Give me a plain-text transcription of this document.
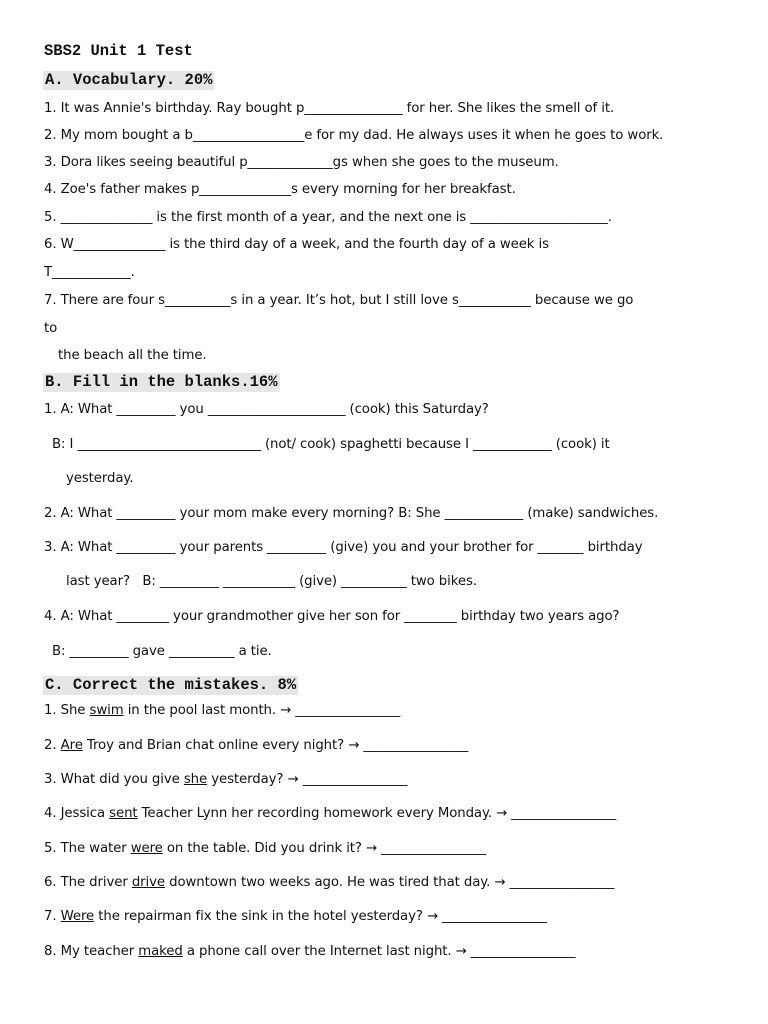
SBS2 Unit 1 Test
A. Vocabulary. 20%
1. It was Annie's birthday. Ray bought p_______________ for her. She likes the smell of it.
2. My mom bought a b_________________e for my dad. He always uses it when he goes to work.
3. Dora likes seeing beautiful p_____________gs when she goes to the museum.
4. Zoe's father makes p______________s every morning for her breakfast.
5. ______________ is the first month of a year, and the next one is _____________________.
6. W______________ is the third day of a week, and the fourth day of a week is
T____________.
7. There are four s__________s in a year. It’s hot, but I still love s___________ because we go
to
the beach all the time.
B. Fill in the blanks.16%
1. A: What _________ you _____________________ (cook) this Saturday?
B: I ____________________________ (not/ cook) spaghetti because I ____________ (cook) it
yesterday.
2. A: What _________ your mom make every morning? B: She ____________ (make) sandwiches.
3. A: What _________ your parents _________ (give) you and your brother for _______ birthday
last year?   B: _________ ___________ (give) __________ two bikes.
4. A: What ________ your grandmother give her son for ________ birthday two years ago?
B: _________ gave __________ a tie.
C. Correct the mistakes. 8%
1. She swim in the pool last month. → ________________
2. Are Troy and Brian chat online every night? → ________________
3. What did you give she yesterday? → ________________
4. Jessica sent Teacher Lynn her recording homework every Monday. → ________________
5. The water were on the table. Did you drink it? → ________________
6. The driver drive downtown two weeks ago. He was tired that day. → ________________
7. Were the repairman fix the sink in the hotel yesterday? → ________________
8. My teacher maked a phone call over the Internet last night. → ________________
